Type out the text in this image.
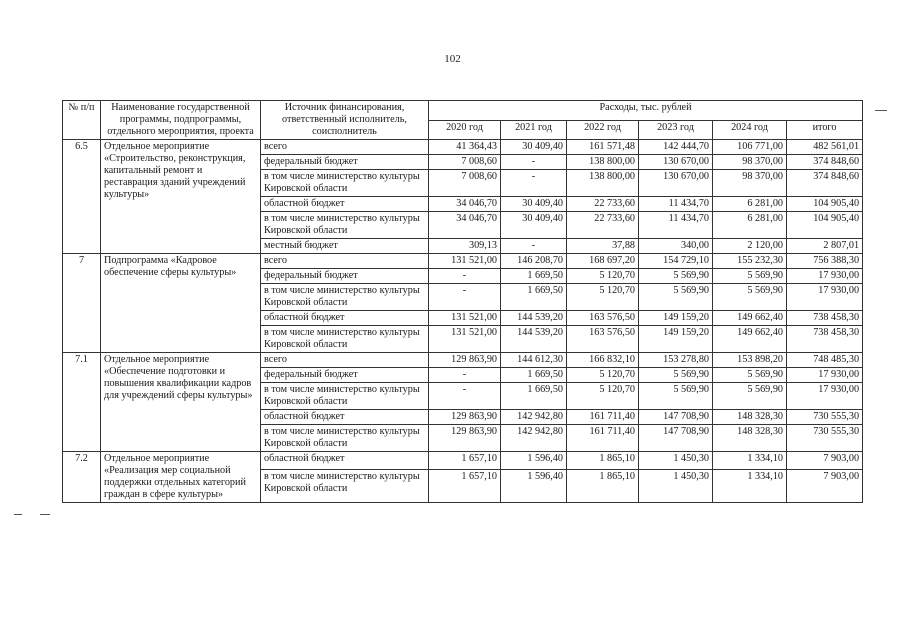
102
№ п/п	Наименование государственной программы, подпрограммы, отдельного мероприятия, проекта	Источник финансирования, ответственный исполнитель, соисполнитель	Расходы, тыс. рублей					
			2020 год	2021 год	2022 год	2023 год	2024 год	итого
6.5	Отдельное мероприятие «Строительство, реконструкция, капитальный ремонт и реставрация зданий учреждений культуры»	всего	41 364,43	30 409,40	161 571,48	142 444,70	106 771,00	482 561,01
		федеральный бюджет	7 008,60	-	138 800,00	130 670,00	98 370,00	374 848,60
		в том числе министерство культуры Кировской области	7 008,60	-	138 800,00	130 670,00	98 370,00	374 848,60
		областной бюджет	34 046,70	30 409,40	22 733,60	11 434,70	6 281,00	104 905,40
		в том числе министерство культуры Кировской области	34 046,70	30 409,40	22 733,60	11 434,70	6 281,00	104 905,40
		местный бюджет	309,13	-	37,88	340,00	2 120,00	2 807,01
7	Подпрограмма «Кадровое обеспечение сферы культуры»	всего	131 521,00	146 208,70	168 697,20	154 729,10	155 232,30	756 388,30
		федеральный бюджет	-	1 669,50	5 120,70	5 569,90	5 569,90	17 930,00
		в том числе министерство культуры Кировской области	-	1 669,50	5 120,70	5 569,90	5 569,90	17 930,00
		областной бюджет	131 521,00	144 539,20	163 576,50	149 159,20	149 662,40	738 458,30
		в том числе министерство культуры Кировской области	131 521,00	144 539,20	163 576,50	149 159,20	149 662,40	738 458,30
7.1	Отдельное мероприятие «Обеспечение подготовки и повышения квалификации кадров для учреждений сферы культуры»	всего	129 863,90	144 612,30	166 832,10	153 278,80	153 898,20	748 485,30
		федеральный бюджет	-	1 669,50	5 120,70	5 569,90	5 569,90	17 930,00
		в том числе министерство культуры Кировской области	-	1 669,50	5 120,70	5 569,90	5 569,90	17 930,00
		областной бюджет	129 863,90	142 942,80	161 711,40	147 708,90	148 328,30	730 555,30
		в том числе министерство культуры Кировской области	129 863,90	142 942,80	161 711,40	147 708,90	148 328,30	730 555,30
7.2	Отдельное мероприятие «Реализация мер социальной поддержки отдельных категорий граждан в сфере культуры»	областной бюджет	1 657,10	1 596,40	1 865,10	1 450,30	1 334,10	7 903,00
		в том числе министерство культуры Кировской области	1 657,10	1 596,40	1 865,10	1 450,30	1 334,10	7 903,00
